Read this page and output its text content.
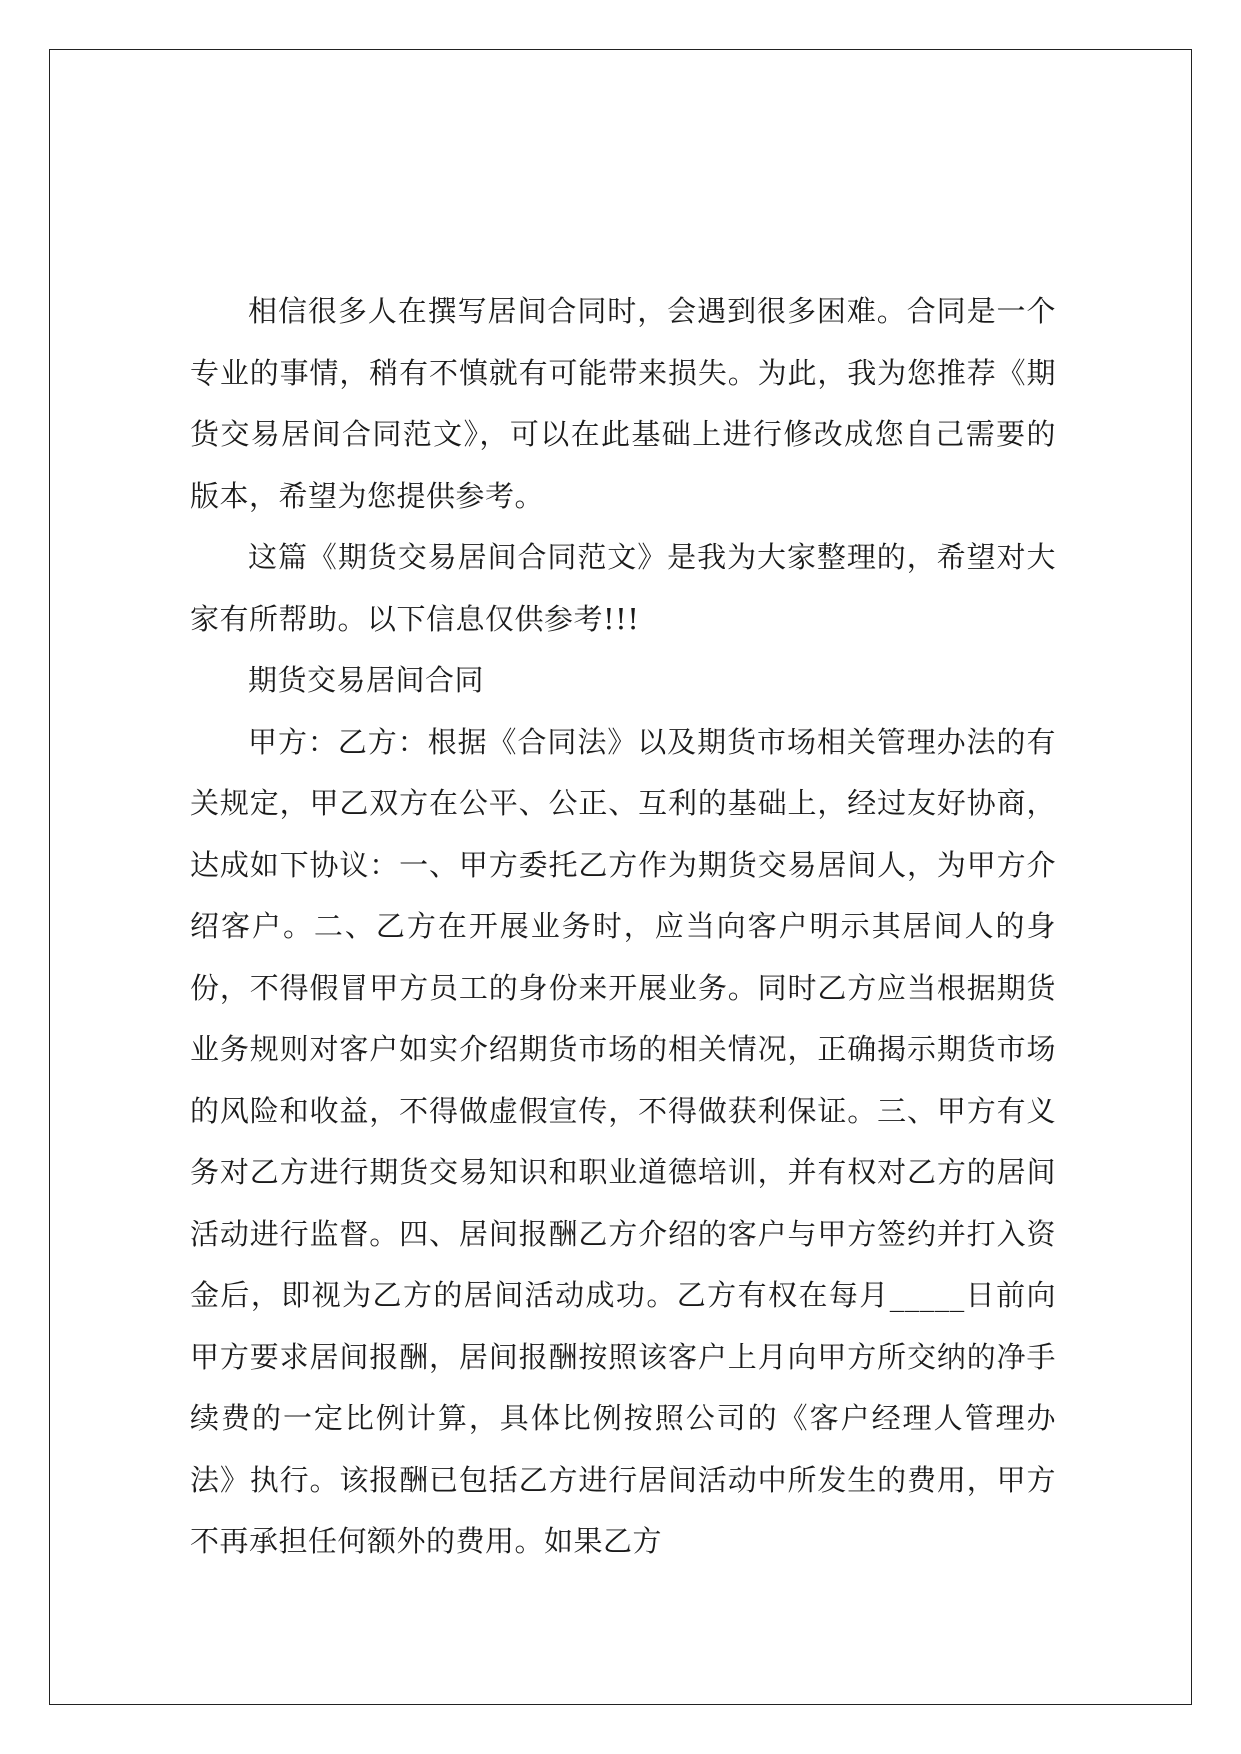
相信很多人在撰写居间合同时，会遇到很多困难。合同是一个专业的事情，稍有不慎就有可能带来损失。为此，我为您推荐《期货交易居间合同范文》，可以在此基础上进行修改成您自己需要的版本，希望为您提供参考。

这篇《期货交易居间合同范文》是我为大家整理的，希望对大家有所帮助。以下信息仅供参考!!!

期货交易居间合同

甲方：乙方：根据《合同法》以及期货市场相关管理办法的有关规定，甲乙双方在公平、公正、互利的基础上，经过友好协商，达成如下协议：一、甲方委托乙方作为期货交易居间人，为甲方介绍客户。二、乙方在开展业务时，应当向客户明示其居间人的身份，不得假冒甲方员工的身份来开展业务。同时乙方应当根据期货业务规则对客户如实介绍期货市场的相关情况，正确揭示期货市场的风险和收益，不得做虚假宣传，不得做获利保证。三、甲方有义务对乙方进行期货交易知识和职业道德培训，并有权对乙方的居间活动进行监督。四、居间报酬乙方介绍的客户与甲方签约并打入资金后，即视为乙方的居间活动成功。乙方有权在每月_____日前向甲方要求居间报酬，居间报酬按照该客户上月向甲方所交纳的净手续费的一定比例计算，具体比例按照公司的《客户经理人管理办法》执行。该报酬已包括乙方进行居间活动中所发生的费用，甲方不再承担任何额外的费用。如果乙方
